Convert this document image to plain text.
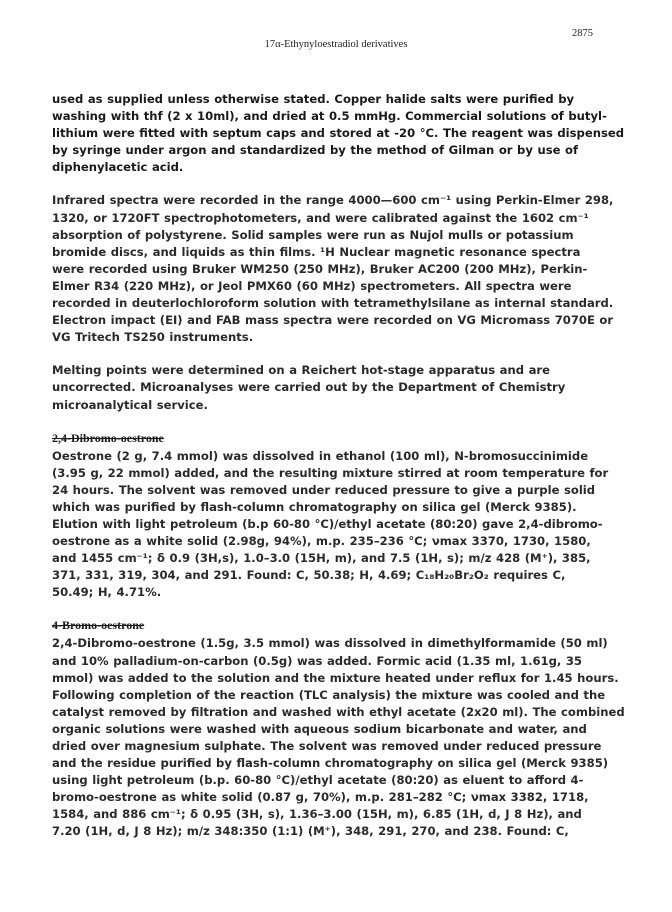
2875
17α-Ethynyloestradiol derivatives
used as supplied unless otherwise stated. Copper halide salts were purified by
washing with thf (2 x 10ml), and dried at 0.5 mmHg. Commercial solutions of butyl-
lithium were fitted with septum caps and stored at -20 °C. The reagent was dispensed
by syringe under argon and standardized by the method of Gilman or by use of
diphenylacetic acid.
Infrared spectra were recorded in the range 4000—600 cm⁻¹ using Perkin-Elmer 298,
1320, or 1720FT spectrophotometers, and were calibrated against the 1602 cm⁻¹
absorption of polystyrene. Solid samples were run as Nujol mulls or potassium
bromide discs, and liquids as thin films. ¹H Nuclear magnetic resonance spectra
were recorded using Bruker WM250 (250 MHz), Bruker AC200 (200 MHz), Perkin-
Elmer R34 (220 MHz), or Jeol PMX60 (60 MHz) spectrometers. All spectra were
recorded in deuterlochloroform solution with tetramethylsilane as internal standard.
Electron impact (EI) and FAB mass spectra were recorded on VG Micromass 7070E or
VG Tritech TS250 instruments.
Melting points were determined on a Reichert hot-stage apparatus and are
uncorrected. Microanalyses were carried out by the Department of Chemistry
microanalytical service.
2,4-Dibromo-oestrone
Oestrone (2 g, 7.4 mmol) was dissolved in ethanol (100 ml), N-bromosuccinimide
(3.95 g, 22 mmol) added, and the resulting mixture stirred at room temperature for
24 hours. The solvent was removed under reduced pressure to give a purple solid
which was purified by flash-column chromatography on silica gel (Merck 9385).
Elution with light petroleum (b.p 60-80 °C)/ethyl acetate (80:20) gave 2,4-dibromo-
oestrone as a white solid (2.98g, 94%), m.p. 235–236 °C; νmax 3370, 1730, 1580,
and 1455 cm⁻¹; δ 0.9 (3H,s), 1.0–3.0 (15H, m), and 7.5 (1H, s); m/z 428 (M⁺), 385,
371, 331, 319, 304, and 291. Found: C, 50.38; H, 4.69; C₁₈H₂₀Br₂O₂ requires C,
50.49; H, 4.71%.
4-Bromo-oestrone
2,4-Dibromo-oestrone (1.5g, 3.5 mmol) was dissolved in dimethylformamide (50 ml)
and 10% palladium-on-carbon (0.5g) was added. Formic acid (1.35 ml, 1.61g, 35
mmol) was added to the solution and the mixture heated under reflux for 1.45 hours.
Following completion of the reaction (TLC analysis) the mixture was cooled and the
catalyst removed by filtration and washed with ethyl acetate (2x20 ml). The combined
organic solutions were washed with aqueous sodium bicarbonate and water, and
dried over magnesium sulphate. The solvent was removed under reduced pressure
and the residue purified by flash-column chromatography on silica gel (Merck 9385)
using light petroleum (b.p. 60-80 °C)/ethyl acetate (80:20) as eluent to afford 4-
bromo-oestrone as white solid (0.87 g, 70%), m.p. 281–282 °C; νmax 3382, 1718,
1584, and 886 cm⁻¹; δ 0.95 (3H, s), 1.36–3.00 (15H, m), 6.85 (1H, d, J 8 Hz), and
7.20 (1H, d, J 8 Hz); m/z 348:350 (1:1) (M⁺), 348, 291, 270, and 238. Found: C,
